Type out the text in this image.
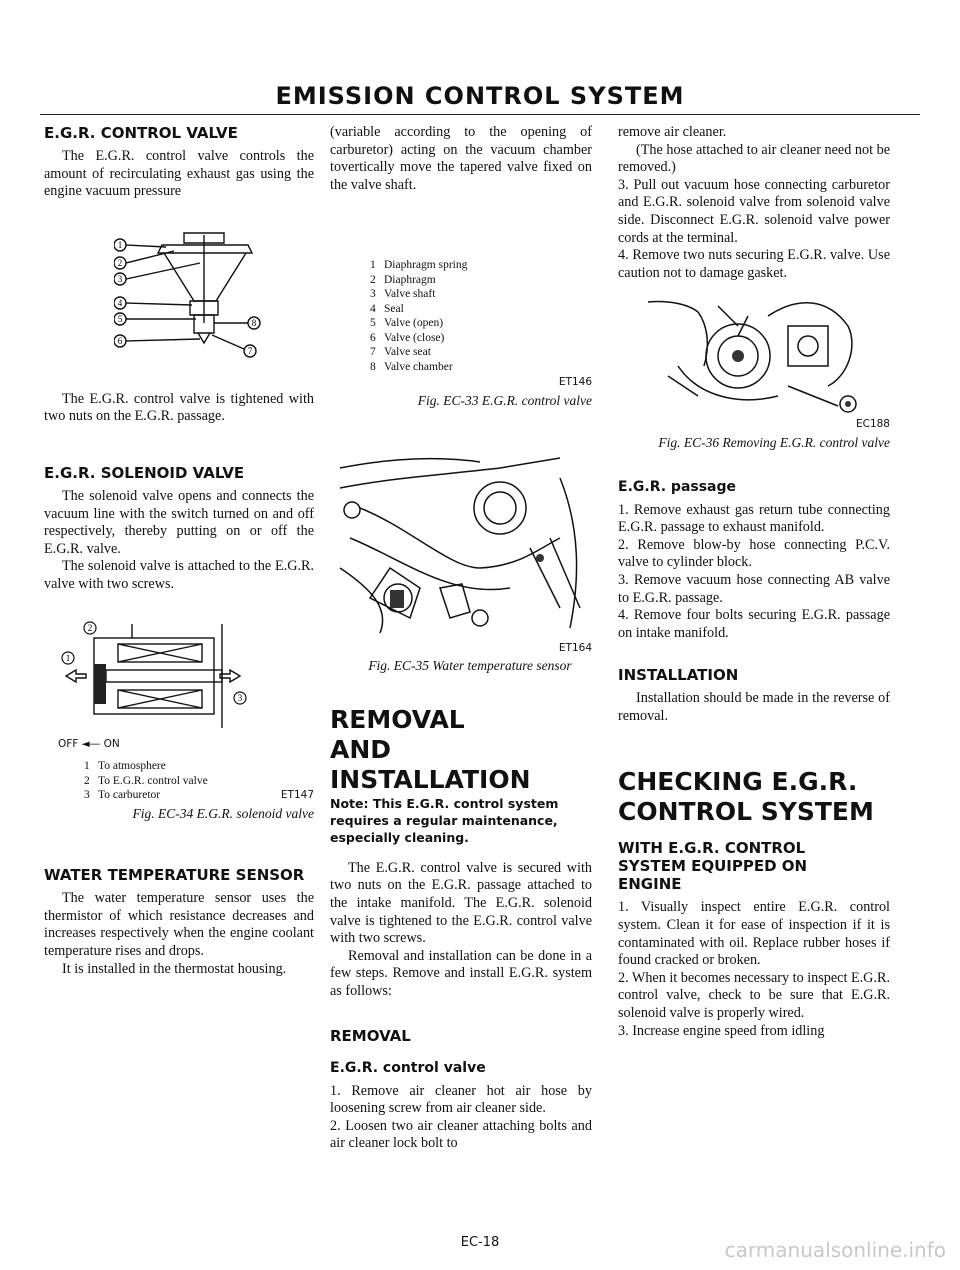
EMISSION CONTROL SYSTEM
E.G.R. CONTROL VALVE

The E.G.R. control valve controls the amount of recirculating exhaust gas using the engine vacuum pressure

1
2
3
4
5
6
8
7

The E.G.R. control valve is tightened with two nuts on the E.G.R. passage.

E.G.R. SOLENOID VALVE

The solenoid valve opens and connects the vacuum line with the switch turned on and off respectively, thereby putting on or off the E.G.R. valve.

The solenoid valve is attached to the E.G.R. valve with two screws.

2
1
3
OFF ◄— ON
1 To atmosphere
2 To E.G.R. control valve
3 To carburetor	ET147

Fig. EC-34 E.G.R. solenoid valve

WATER TEMPERATURE SENSOR

The water temperature sensor uses the thermistor of which resistance decreases and increases respectively when the engine coolant temperature rises and drops.

It is installed in the thermostat housing.

(variable according to the opening of carburetor) acting on the vacuum chamber tovertically move the tapered valve fixed on the valve shaft.

1 Diaphragm spring
2 Diaphragm
3 Valve shaft
4 Seal
5 Valve (open)
6 Valve (close)
7 Valve seat
8 Valve chamber
ET146

Fig. EC-33 E.G.R. control valve

ET164

Fig. EC-35 Water temperature sensor

REMOVAL AND INSTALLATION
Note: This E.G.R. control system requires a regular maintenance, especially cleaning.

The E.G.R. control valve is secured with two nuts on the E.G.R. passage attached to the intake manifold. The E.G.R. solenoid valve is tightened to the E.G.R. control valve with two screws.

Removal and installation can be done in a few steps. Remove and install E.G.R. system as follows:

REMOVAL
E.G.R. control valve

1. Remove air cleaner hot air hose by loosening screw from air cleaner side.

2. Loosen two air cleaner attaching bolts and air cleaner lock bolt to

remove air cleaner.

(The hose attached to air cleaner need not be removed.)

3. Pull out vacuum hose connecting carburetor and E.G.R. solenoid valve from solenoid valve side. Disconnect E.G.R. solenoid valve power cords at the terminal.

4. Remove two nuts securing E.G.R. valve. Use caution not to damage gasket.

EC188

Fig. EC-36 Removing E.G.R. control valve

E.G.R. passage

1. Remove exhaust gas return tube connecting E.G.R. passage to exhaust manifold.

2. Remove blow-by hose connecting P.C.V. valve to cylinder block.

3. Remove vacuum hose connecting AB valve to E.G.R. passage.

4. Remove four bolts securing E.G.R. passage on intake manifold.

INSTALLATION

Installation should be made in the reverse of removal.

CHECKING E.G.R. CONTROL SYSTEM
WITH E.G.R. CONTROL SYSTEM EQUIPPED ON ENGINE

1. Visually inspect entire E.G.R. control system. Clean it for ease of inspection if it is contaminated with oil. Replace rubber hoses if found cracked or broken.

2. When it becomes necessary to inspect E.G.R. control valve, check to be sure that E.G.R. solenoid valve is properly wired.

3. Increase engine speed from idling

EC-18	carmanualsonline.info
